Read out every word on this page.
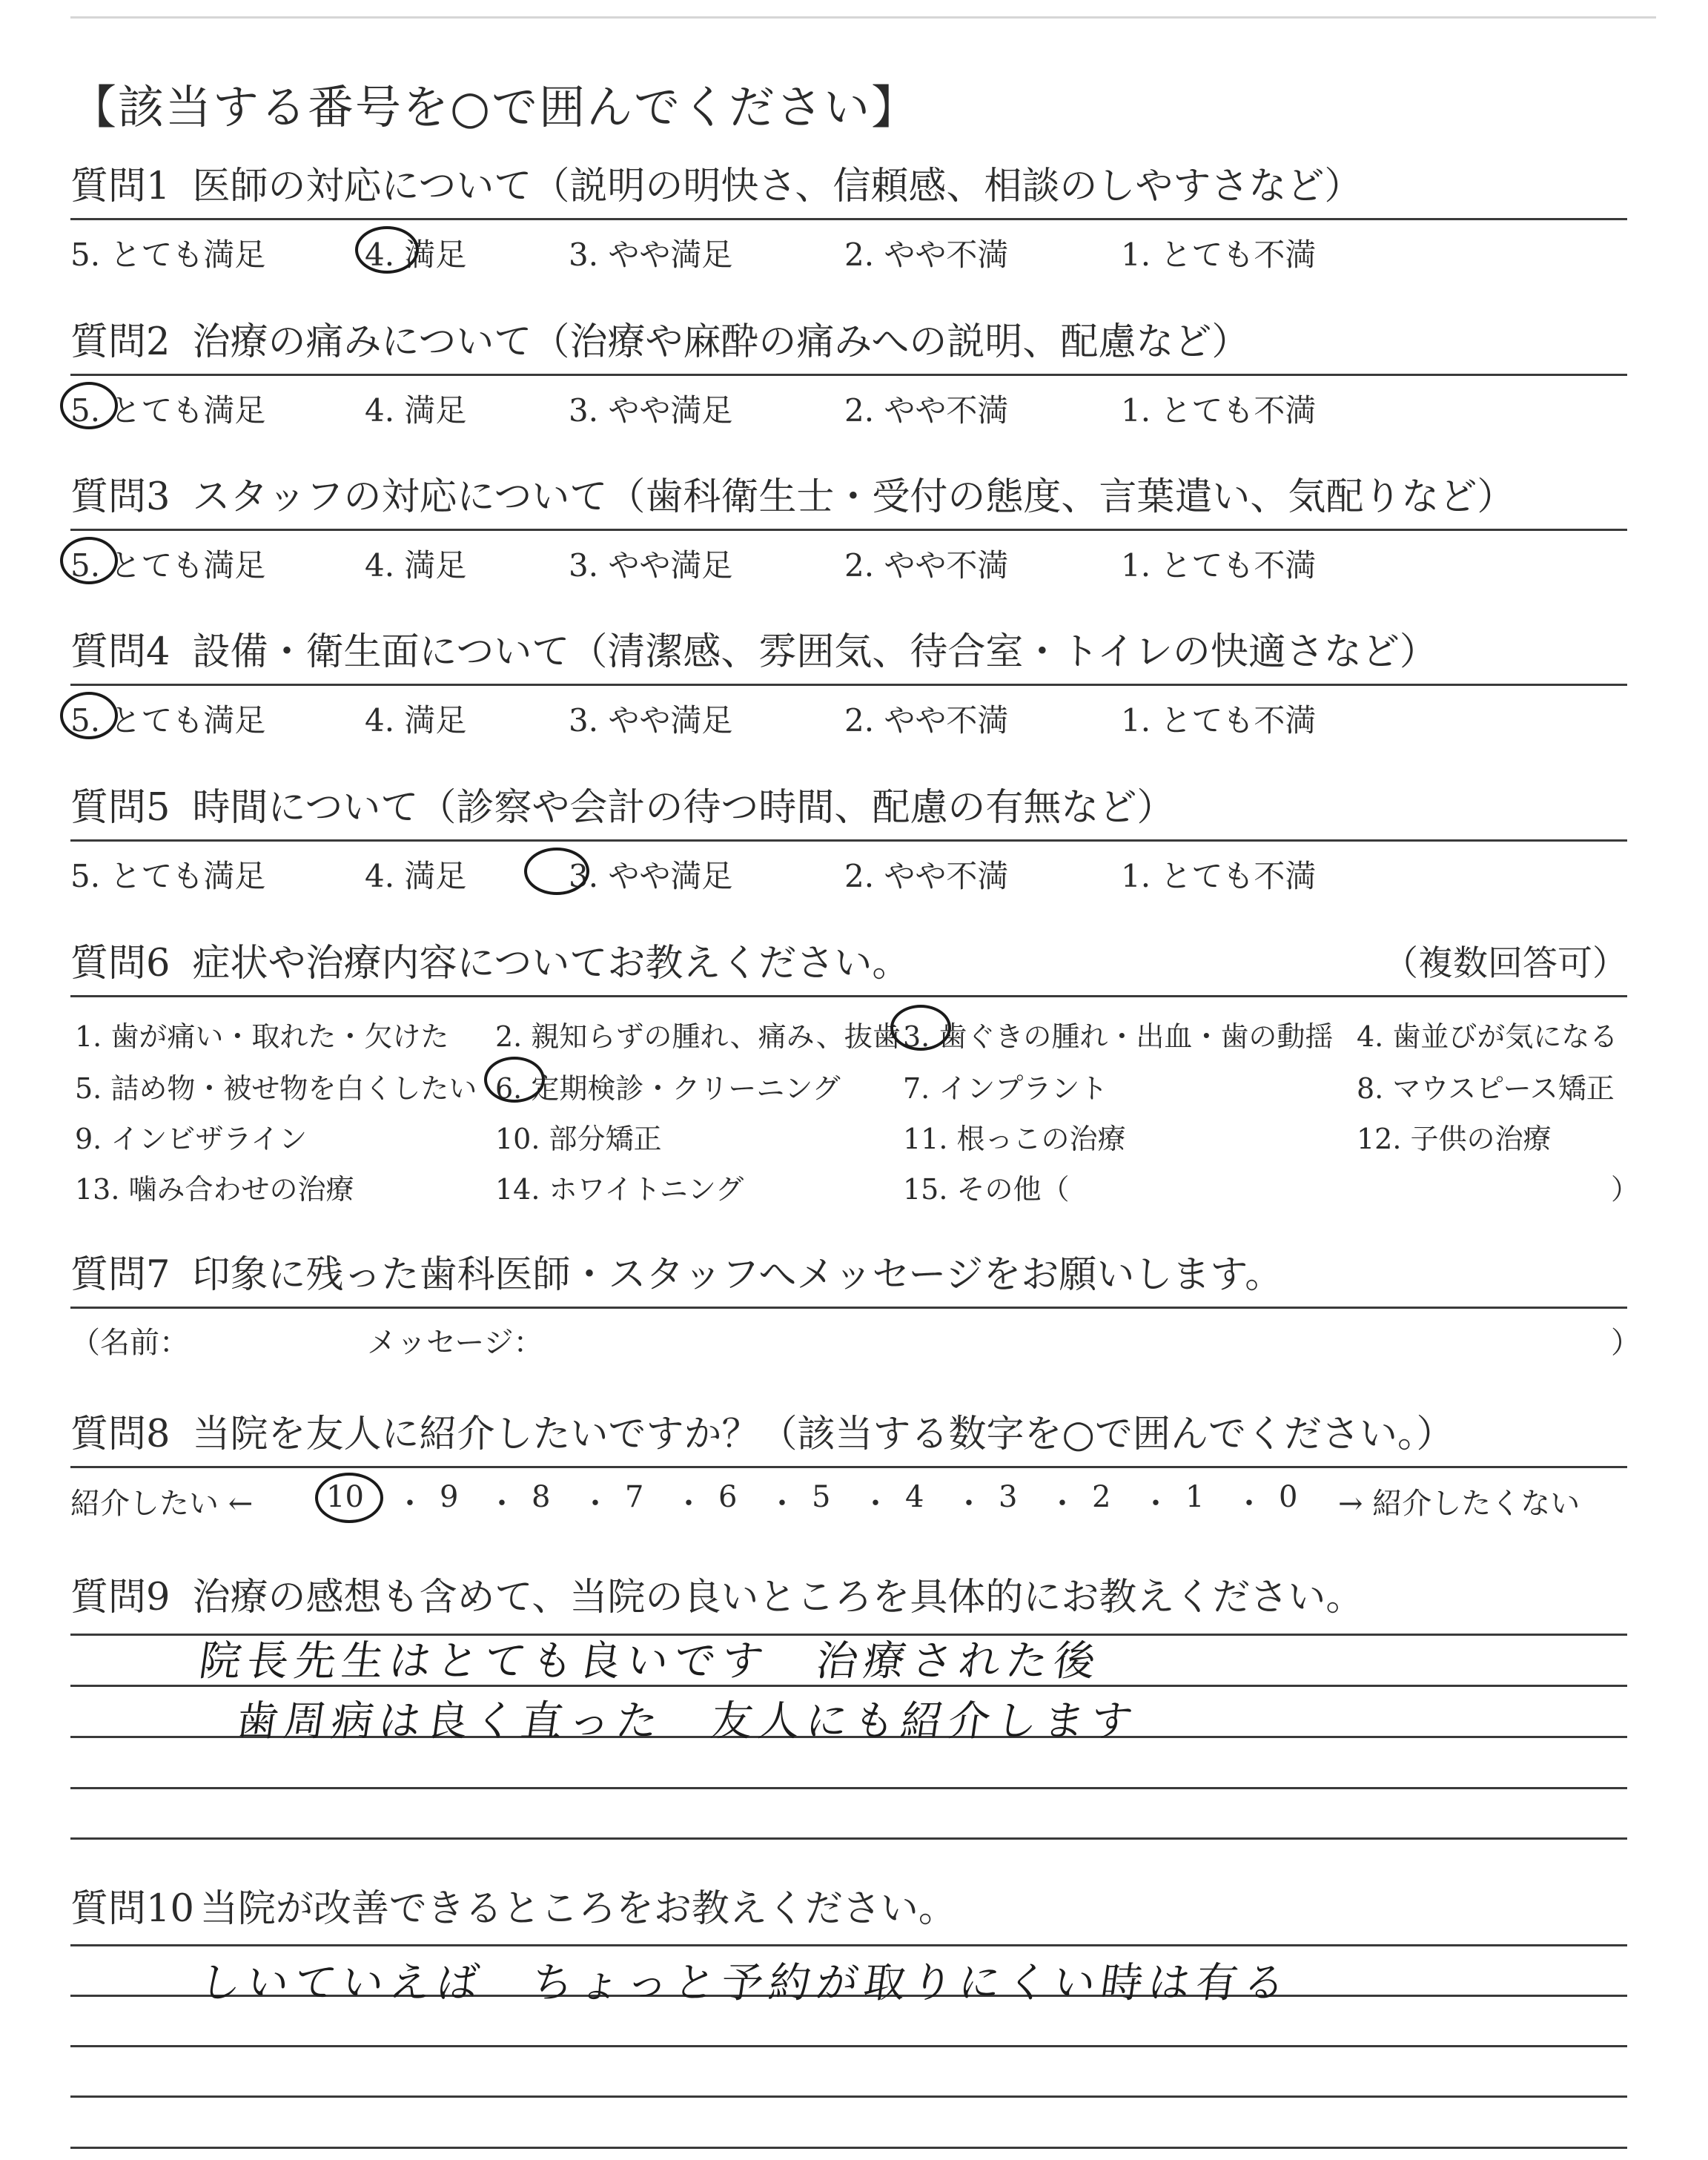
【該当する番号を○で囲んでください】
質問1 医師の対応について（説明の明快さ、信頼感、相談のしやすさなど）
5. とても満足	4. 満足	3. やや満足	2. やや不満	1. とても不満
質問2 治療の痛みについて（治療や麻酔の痛みへの説明、配慮など）
5. とても満足	4. 満足	3. やや満足	2. やや不満	1. とても不満
質問3 スタッフの対応について（歯科衛生士・受付の態度、言葉遣い、気配りなど）
5. とても満足	4. 満足	3. やや満足	2. やや不満	1. とても不満
質問4 設備・衛生面について（清潔感、雰囲気、待合室・トイレの快適さなど）
5. とても満足	4. 満足	3. やや満足	2. やや不満	1. とても不満
質問5 時間について（診察や会計の待つ時間、配慮の有無など）
5. とても満足	4. 満足	3. やや満足	2. やや不満	1. とても不満
質問6 症状や治療内容についてお教えください。	（複数回答可）
1. 歯が痛い・取れた・欠けた 2. 親知らずの腫れ、痛み、抜歯 3. 歯ぐきの腫れ・出血・歯の動揺 4. 歯並びが気になる
5. 詰め物・被せ物を白くしたい 6. 定期検診・クリーニング 7. インプラント	8. マウスピース矯正
9. インビザライン	10. 部分矯正	11. 根っこの治療	12. 子供の治療
13. 噛み合わせの治療	14. ホワイトニング	15. その他（	）
質問7 印象に残った歯科医師・スタッフへメッセージをお願いします。
（名前：	メッセージ：	）
質問8 当院を友人に紹介したいですか？（該当する数字を○で囲んでください。）
紹介したい ← 10 ・ 9 ・ 8 ・ 7 ・ 6 ・ 5 ・ 4 ・ 3 ・ 2 ・ 1 ・ 0 → 紹介したくない
質問9 治療の感想も含めて、当院の良いところを具体的にお教えください。
院長先生はとても良いです　治療された後
歯周病は良く直った　友人にも紹介します
質問10 当院が改善できるところをお教えください。
しいていえば　ちょっと予約が取りにくい時は有る
